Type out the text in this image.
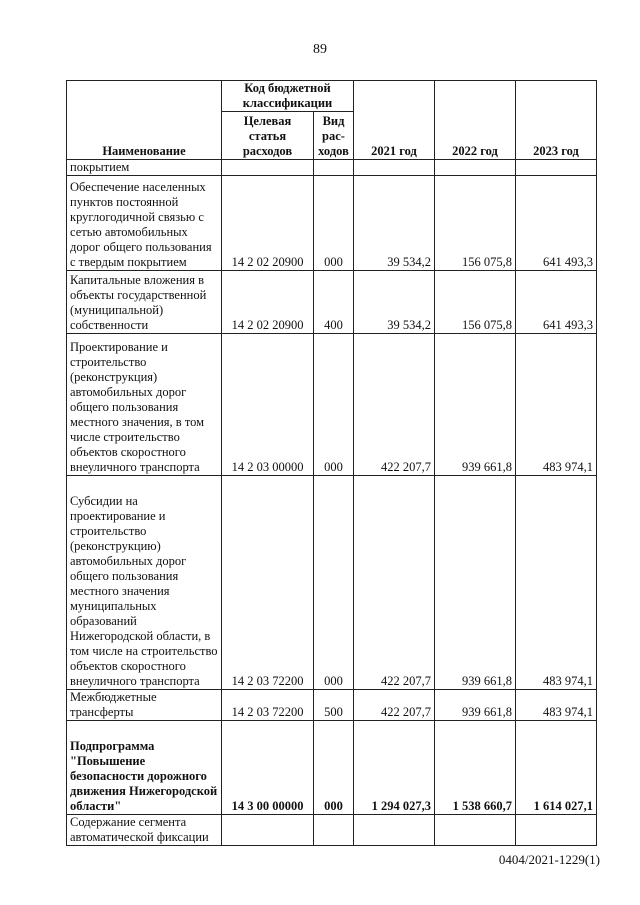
89
Наименование	Код бюджетной классификации		2021 год	2022 год	2023 год
	Целевая статья расходов	Вид рас-ходов			
покрытием					
Обеспечение населенных пунктов постоянной круглогодичной связью с сетью автомобильных дорог общего пользования с твердым покрытием	14 2 02 20900	000	39 534,2	156 075,8	641 493,3
Капитальные вложения в объекты государственной (муниципальной) собственности	14 2 02 20900	400	39 534,2	156 075,8	641 493,3
Проектирование и строительство (реконструкция) автомобильных дорог общего пользования местного значения, в том числе строительство объектов скоростного внеуличного транспорта	14 2 03 00000	000	422 207,7	939 661,8	483 974,1
Субсидии на проектирование и строительство (реконструкцию) автомобильных дорог общего пользования местного значения муниципальных образований Нижегородской области, в том числе на строительство объектов скоростного внеуличного транспорта	14 2 03 72200	000	422 207,7	939 661,8	483 974,1
Межбюджетные трансферты	14 2 03 72200	500	422 207,7	939 661,8	483 974,1
Подпрограмма "Повышение безопасности дорожного движения Нижегородской области"	14 3 00 00000	000	1 294 027,3	1 538 660,7	1 614 027,1
Содержание сегмента автоматической фиксации					
0404/2021-1229(1)
